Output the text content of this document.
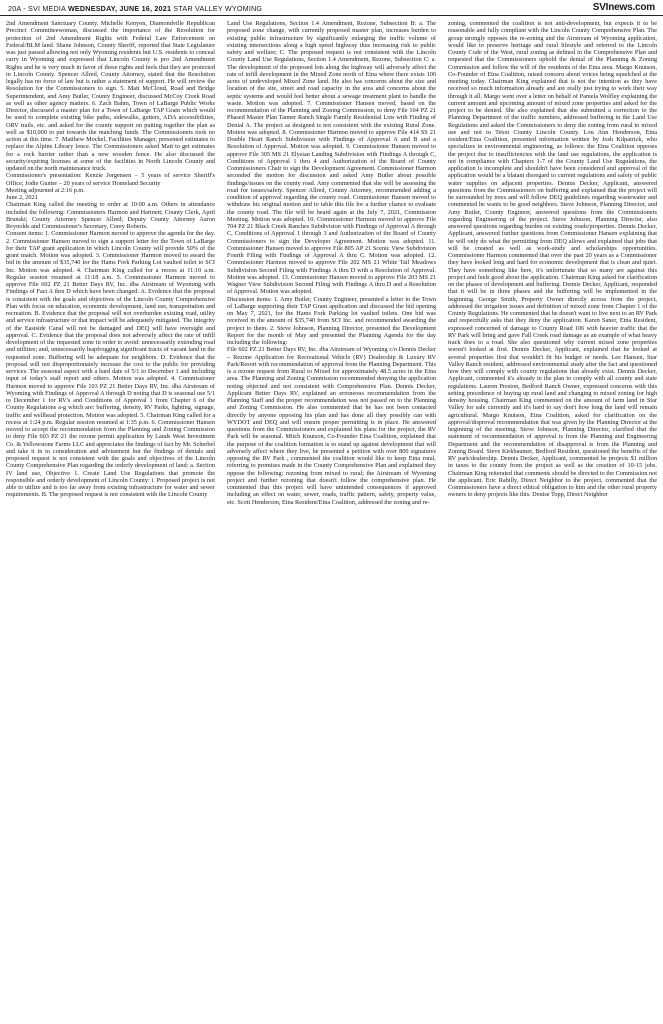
20A - SVI MEDIA WEDNESDAY, JUNE 16, 2021 STAR VALLEY WYOMING	SVInews.com

2nd Amendment Sanctuary County. Michelle Kenyon, Diamondville Republican Precinct Committeewoman, discussed the importance of the Resolution for protection of 2nd Amendment Rights with Federal Law Enforcement on Federal/BLM land. Shane Johnson, County Sheriff, reported that State Legislature was just passed allowing not only Wyoming residents but U.S. residents to conceal carry in Wyoming and expressed that Lincoln County is pro 2nd Amendment Rights and he is very much in favor of these rights and feels that they are protected in Lincoln County. Spencer Allred, County Attorney, stated that the Resolution legally has no force of law but is rather a statement of support. He will review the Resolution for the Commissioners to sign. 5. Matt McCloud, Road and Bridge Superintendent, and Amy Butler, County Engineer, discussed McCoy Creek Road as well as other agency matters. 6. Zach Bahm, Town of LaBarge Public Works Director, discussed a master plan for a Town of LaBarge TAP Grant which would be used to complete existing bike paths, sidewalks, gutters, ADA accessibilities, ORV trails, etc. and asked for the county support on putting together the plan as well as $10,000 to put towards the matching funds. The Commissioners took no action at this time. 7. Matthew Mochel, Facilities Manager, presented estimates to replace the Alpine Library fence. The Commissioners asked Matt to get estimates for a rock barrier rather than a new wooden fence. He also discussed the security/expiring licenses at some of the facilities in North Lincoln County and updated on the north maintenance truck.

Commissioner's presentation: Kenzie Jorgensen – 5 years of service Sheriff's Office; Jodie Gunter – 20 years of service Homeland Security

Meeting adjourned at 2:16 p.m.

June 2, 2021

Chairman King called the meeting to order at 10:00 a.m. Others in attendance included the following: Commissioners Harmon and Hartnett; County Clerk, April Brunski; County Attorney Spencer Allred; Deputy County Attorney Aaron Reynolds and Commissioner's Secretary, Corey Roberts.

Consent items: 1. Commissioner Harmon moved to approve the agenda for the day. 2. Commissioner Hansen moved to sign a support letter for the Town of LaBarge for their TAP grant application in which Lincoln County will provide 50% of the grant match. Motion was adopted. 3. Commissioner Harmon moved to award the bid in the amount of $35,740 for the Hams Fork Parking Lot vaulted toilet to SCI Inc. Motion was adopted. 4. Chairman King called for a recess at 11:10 a.m. Regular session resumed at 11:18 a.m. 5. Commissioner Harmon moved to approve File 602 PZ 21 Better Days RV, Inc. dba Airstream of Wyoming with Findings of Fact A thru D which have been changed: A. Evidence that the proposal is consistent with the goals and objectives of the Lincoln County Comprehensive Plan with focus on education, economic development, land use, transportation and recreation. B. Evidence that the proposal will not overburden existing road, utility and service infrastructure or that impact will be adequately mitigated. The integrity of the Eastside Canal will not be damaged and DEQ will have oversight and approval. C. Evidence that the proposal does not adversely affect the rate of infill development of the requested zone in order to avoid: unnecessarily extending road and utilities; and, unnecessarily leapfrogging significant tracts of vacant land in the requested zone. Buffering will be adequate for neighbors. D. Evidence that the proposal will not disproportionately increase the cost to the public for providing services. The seasonal aspect with a hard date of 5/1 to December 1 and including input of today's staff report and others. Motion was adopted. 4. Commissioner Harmon moved to approve File 103 PZ 21 Better Days RV, Inc. dba Airstream of Wyoming with Findings of Approval A through D noting that D is seasonal use 5/1 to December 1 for RV's and Conditions of Approval 1 from Chapter 6 of the County Regulations a-g which are: buffering, density, RV Parks, lighting, signage, traffic and wellhead protection. Motion was adopted. 5. Chairman King called for a recess at 1:24 p.m. Regular session resumed at 1:35 p.m. 6. Commissioner Hansen moved to accept the recommendation from the Planning and Zoning Commission to deny File 603 PZ 21 the rezone permit application by Lands West Investment Co. & Yellowstone Farms LLC and appreciates the findings of fact by Mr. Scherbel and take it in to consideration and advisement but the findings of denials and proposed request is not consistent with the goals and objectives of the Lincoln County Comprehensive Plan regarding the orderly development of land: a. Section IV land use, Objective 1. Create Land Use Regulations that promote the responsible and orderly development of Lincoln County: i. Proposed project is not able to utilize and is too far away from existing infrastructure for water and sewer requirements. B. The proposed request is not consistent with the Lincoln County

Land Use Regulations, Section 1.4 Amendment, Rezone, Subsection B: a. The proposed zone change, with currently proposed master plan, increases burden to existing public infrastructure by significantly enlarging the traffic volume of existing intersections along a high speed highway thus increasing risk to public safety and welfare; C. The proposed request is not consistent with the Lincoln County Land Use Regulations, Section 1.4 Amendment, Rezone, Subsection C: a. The development of the proposed lots along the highway will adversely affect the rate of infill development in the Mixed Zone north of Etna where there exists 100 acres of undeveloped Mixed Zone land. He also has concerns about the size and location of the site, street and road capacity in the area and concerns about the septic systems and would feel better about a sewage treatment plant to handle the waste. Motion was adopted. 7. Commissioner Hansen moved, based on the recommendation of the Planning and Zoning Commission, to deny File 104 PZ 21 Phased Master Plan Tanner Ranch Single Family Residential Lots with Finding of Denial A. The project as designed is not consistent with the existing Rural Zone. Motion was adopted. 8. Commissioner Harmon moved to approve File 414 SS 21 Double Heart Ranch Subdivision with Findings of Approval A and B and a Resolution of Approval. Motion was adopted. 9. Commissioner Hansen moved to approve File 305 MS 21 Elysian Landing Subdivision with Findings A through C, Conditions of Approval 1 thru 4 and Authorization of the Board of County Commissioners Chair to sign the Development Agreement. Commissioner Harmon seconded the motion for discussion and asked Amy Butler about possible findings/issues on the county road. Amy commented that she will be assessing the road for issues/safety. Spencer Allred, County Attorney, recommended adding a condition of approval regarding the county road. Commissioner Hansen moved to withdraw his original motion and to table this file for a further chance to evaluate the county road. The file will be heard again at the July 7, 2021, Commission Meeting. Motion was adopted. 10. Commissioner Harmon moved to approve File 704 PZ 21 Black Creek Ranches Subdivision with Findings of Approval A through C, Conditions of Approval 1 through 3 and Authorization of the Board of County Commissioners to sign the Developer Agreement. Motion was adopted. 11. Commissioner Hansen moved to approve File 805 AP 21 Scenic View Subdivision Fourth Filing with Findings of Approval A thru C. Motion was adopted. 12. Commissioner Harmon moved to approve File 202 MS 21 White Tail Meadows Subdivision Second Filing with Findings A thru D with a Resolution of Approval. Motion was adopted. 13. Commissioner Hansen moved to approve File 203 MS 21 Wagner View Subdivision Second Filing with Findings A thru D and a Resolution of Approval. Motion was adopted.

Discussion items: 1. Amy Butler, County Engineer, presented a letter to the Town of LaBarge supporting their TAP Grant application and discussed the bid opening on May 7, 2021, for the Hams Fork Parking lot vaulted toilets. One bid was received in the amount of $35,740 from SCI Inc. and recommended awarding the project to them. 2. Steve Johnson, Planning Director, presented the Development Report for the month of May and presented the Planning Agenda for the day including the following:

File 602 PZ 21 Better Days RV, Inc. dba Airstream of Wyoming c/o Dennis Decker – Rezone Application for Recreational Vehicle (RV) Dealership & Luxury RV Park/Resort with recommendation of approval from the Planning Department. This is a rezone request from Rural to Mixed for approximately 48.5 acres in the Etna area. The Planning and Zoning Commission recommended denying the application noting objected and not consistent with Comprehensive Plan. Dennis Decker, Applicant Better Days RV, explained an erroneous recommendation from the Planning Staff and the proper recommendation was not passed on to the Planning and Zoning Commission. He also commented that he has not been contacted directly by anyone opposing his plan and has done all they possibly can with WYDOT and DEQ and will ensure proper permitting is in place. He answered questions from the Commissioners and explained his plans for the project, the RV Park will be seasonal. Mitch Knutson, Co-Founder Etna Coalition, explained that the purpose of the coalition formation is to stand up against development that will adversely affect where they live, he presented a petition with over 800 signatures opposing the RV Park , commented the coalition would like to keep Etna rural, referring to promises made in the County Comprehensive Plan and explained they oppose the following: rezoning from mixed to rural; the Airstream of Wyoming project and further rezoning that doesn't follow the comprehensive plan. He commented that this project will have unintended consequences if approved including an effect on water, sewer, roads, traffic pattern, safety, property value, etc. Scott Henderson, Etna Resident/Etna Coalition, addressed the zoning and re-

zoning, commented the coalition is not anti-development, but expects it to be reasonable and fully compliant with the Lincoln County Comprehensive Plan. The group strongly opposes the re-zoning and the Airstream of Wyoming application, would like to preserve heritage and rural lifestyle and referred to the Lincoln County Code of the West, rural zoning as defined in the Comprehensive Plan and requested that the Commissioners uphold the denial of the Planning & Zoning Commission and follow the will of the residents of the Etna area. Margo Knutson, Co-Founder of Etna Coalition, raised concern about voices being squelched at the meeting today. Chairman King explained that is not the intention as they have received so much information already and are really just trying to work their way through it all. Margo went over a letter on behalf of Pamela Wolfley explaining the current amount and upcoming amount of mixed zone properties and asked for the project to be denied. She also explained that she submitted a correction to the Planning Department of the traffic numbers, addressed buffering in the Land Use Regulations and asked the Commissioners to deny the zoning from rural to mixed use and not to Teton County Lincoln County. Lou Ann Henderson, Etna resident/Etna Coalition, presented information written by Josh Kilpatrick, who specializes in environmental engineering, as follows: the Etna Coalition opposes the project due to insufficiencies with the land use regulations, the application is not in compliance with Chapters 1-7 of the County Land Use Regulations, the application is incomplete and shouldn't have been considered and approval of the application would be a blatant disregard to current regulations and safety of public water supplies on adjacent properties. Dennis Decker, Applicant, answered questions from the Commissioners on buffering and explained that the project will be surrounded by trees and will follow DEQ guidelines regarding wastewater and commented he wants to be good neighbors. Steve Johnson, Planning Director, and Amy Butler, County Engineer, answered questions from the Commissioners regarding Engineering of the project. Steve Johnson, Planning Director, also answered questions regarding burden on existing roads/properties. Dennis Decker, Applicant, answered further questions from Commissioner Hansen explaining that he will only do what the permitting from DEQ allows and explained that jobs that will be created as well as work-study and scholarships opportunities. Commissioner Harmon commented that over the past 20 years as a Commissioner they have looked long and hard for economic development that is clean and quiet. They have something like here, it's unfortunate that so many are against this project and feels good about the application. Chairman King asked for clarification on the phases of development and buffering. Dennis Decker, Applicant, responded that it will be in three phases and the buffering will be implemented in the beginning. George Smith, Property Owner directly across from the project, addressed the irrigation issues and definition of mixed zone from Chapter 1 of the County Regulations. He commented that he doesn't want to live next to an RV Park and respectfully asks that they deny the application. Karen Saner, Etna Resident, expressed concerned of damage to County Road 106 with heavier traffic that the RV Park will bring and gave Fall Creek road damage as an example of what heavy track does to a road. She also questioned why current mixed zone properties weren't looked at first. Dennis Decker, Applicant, explained that he looked at several properties first that wouldn't fit his budget or needs. Lee Hansen, Star Valley Ranch resident, addressed environmental study after the fact and questioned how they will comply with county regulations that already exist. Dennis Decker, Applicant, commented it's already in the plan to comply with all county and state regulations. Lauren Preston, Bedford Ranch Owner, expressed concerns with this setting precedence of buying up rural land and changing to mixed zoning for high density housing. Chairman King commented on the amount of farm land in Star Valley for sale currently and it's hard to say don't how long the land will remain agricultural. Margo Knutson, Etna Coalition, asked for clarification on the approval/disproval recommendation that was given by the Planning Director at the beginning of the meeting. Steve Johnson, Planning Director, clarified that the statement of recommendation of approval is from the Planning and Engineering Department and the recommendation of disapproval is from the Planning and Zoning Board. Steve Kirkbaumer, Bedford Resident, questioned the benefits of the RV park/dealership. Dennis Decker, Applicant, commented he projects $1 million in taxes to the county from the project as well as the creation of 10-15 jobs. Chairman King reiterated that comments should be directed to the Commission not the applicant. Eric Rabilly, Direct Neighbor to the project, commented that the Commissioners have a direct ethical obligation to him and the other rural property owners to deny projects like this. Denise Topp, Direct Neighbor
